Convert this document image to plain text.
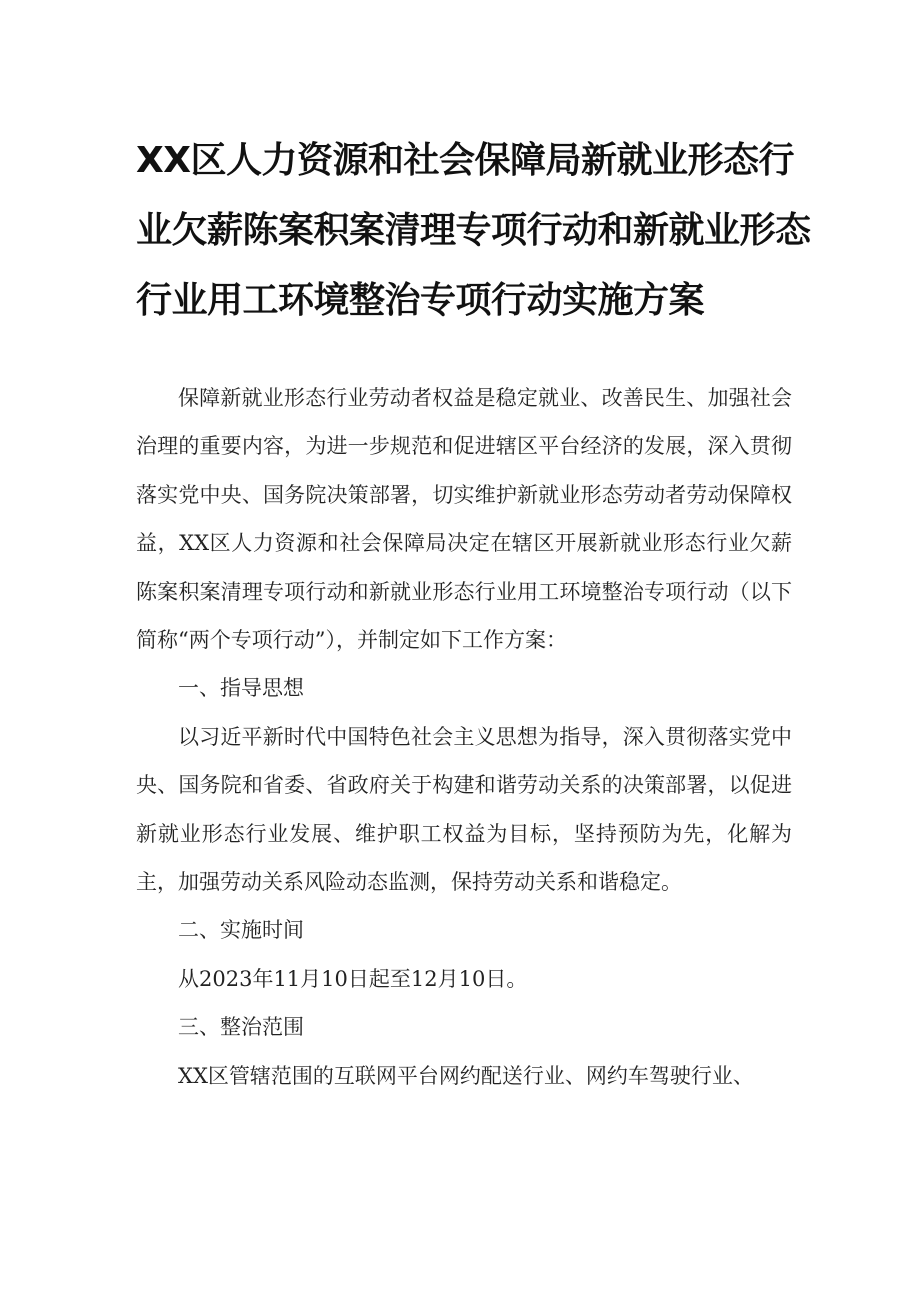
XX区人力资源和社会保障局新就业形态行
业欠薪陈案积案清理专项行动和新就业形态
行业用工环境整治专项行动实施方案

保障新就业形态行业劳动者权益是稳定就业、改善民生、加强社会治理的重要内容，为进一步规范和促进辖区平台经济的发展，深入贯彻落实党中央、国务院决策部署，切实维护新就业形态劳动者劳动保障权益，XX区人力资源和社会保障局决定在辖区开展新就业形态行业欠薪陈案积案清理专项行动和新就业形态行业用工环境整治专项行动（以下简称“两个专项行动”），并制定如下工作方案：

一、指导思想

以习近平新时代中国特色社会主义思想为指导，深入贯彻落实党中央、国务院和省委、省政府关于构建和谐劳动关系的决策部署，以促进新就业形态行业发展、维护职工权益为目标，坚持预防为先，化解为主，加强劳动关系风险动态监测，保持劳动关系和谐稳定。

二、实施时间

从2023年11月10日起至12月10日。

三、整治范围

XX区管辖范围的互联网平台网约配送行业、网约车驾驶行业、
